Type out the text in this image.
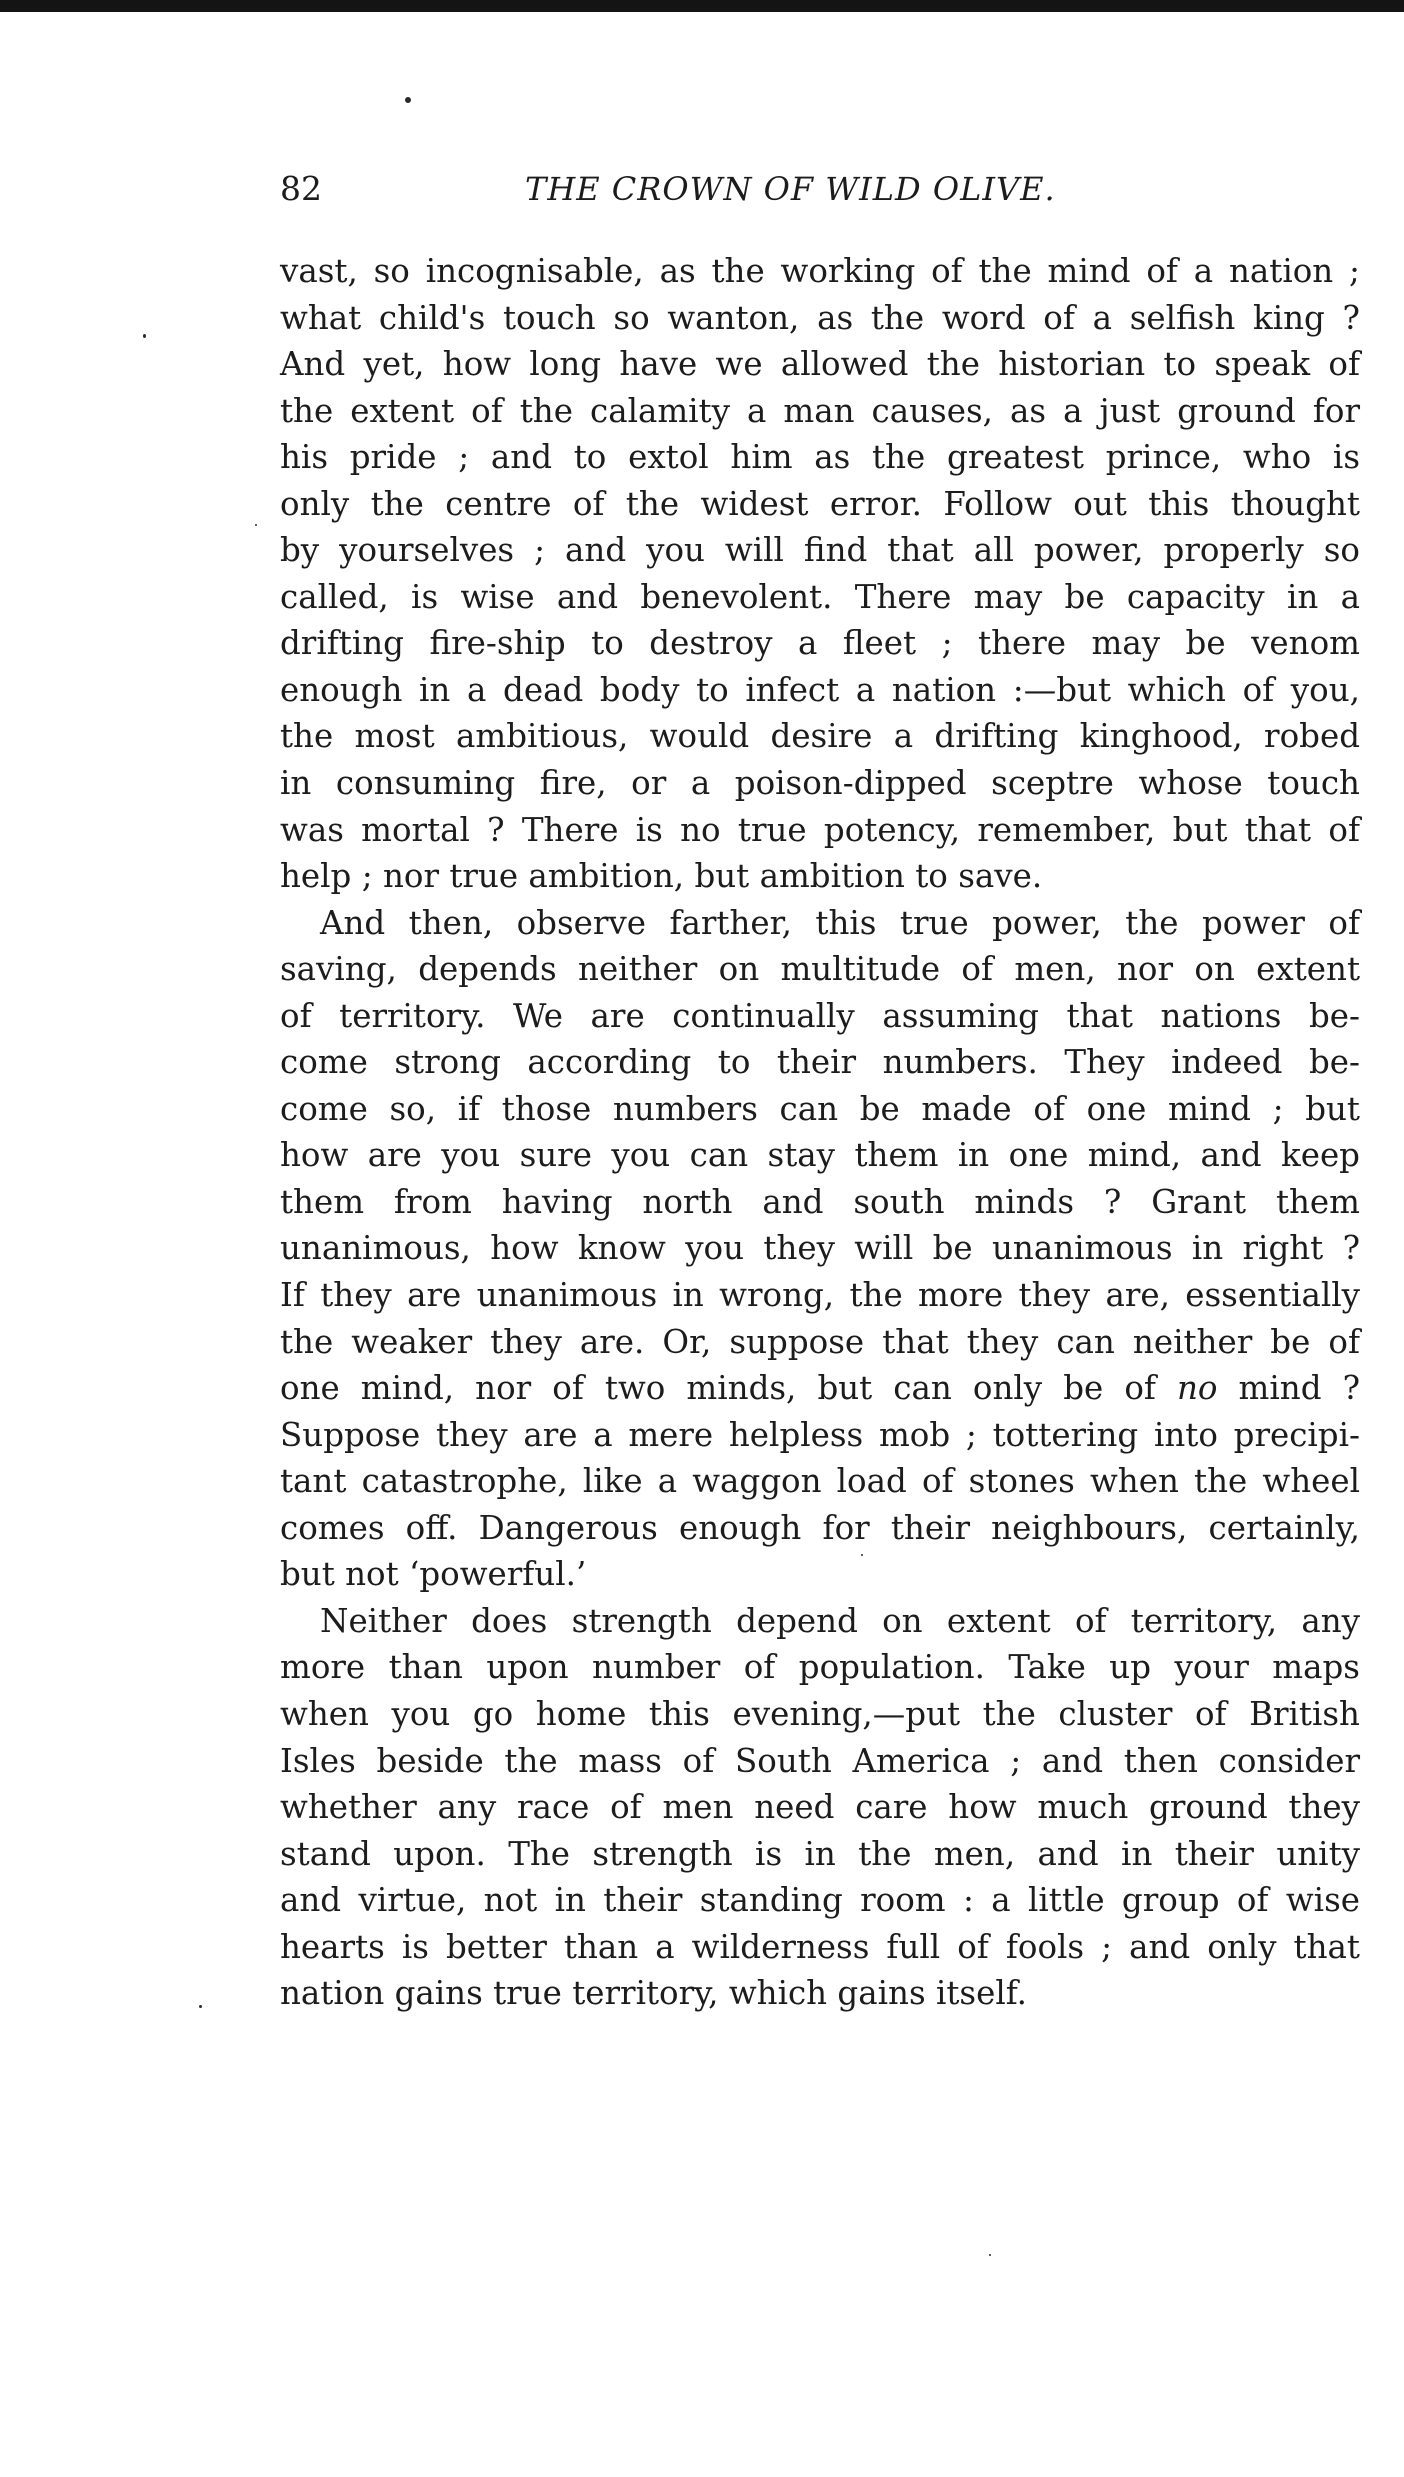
82	THE CROWN OF WILD OLIVE.
vast, so incognisable, as the working of the mind of a nation ;
what child's touch so wanton, as the word of a selfish king ?
And yet, how long have we allowed the historian to speak of
the extent of the calamity a man causes, as a just ground for
his pride ; and to extol him as the greatest prince, who is
only the centre of the widest error. Follow out this thought
by yourselves ; and you will find that all power, properly so
called, is wise and benevolent. There may be capacity in a
drifting fire-ship to destroy a fleet ; there may be venom
enough in a dead body to infect a nation :—but which of you,
the most ambitious, would desire a drifting kinghood, robed
in consuming fire, or a poison-dipped sceptre whose touch
was mortal ? There is no true potency, remember, but that of
help ; nor true ambition, but ambition to save.
And then, observe farther, this true power, the power of
saving, depends neither on multitude of men, nor on extent
of territory. We are continually assuming that nations be-
come strong according to their numbers. They indeed be-
come so, if those numbers can be made of one mind ; but
how are you sure you can stay them in one mind, and keep
them from having north and south minds ? Grant them
unanimous, how know you they will be unanimous in right ?
If they are unanimous in wrong, the more they are, essentially
the weaker they are. Or, suppose that they can neither be of
one mind, nor of two minds, but can only be of no mind ?
Suppose they are a mere helpless mob ; tottering into precipi-
tant catastrophe, like a waggon load of stones when the wheel
comes off. Dangerous enough for their neighbours, certainly,
but not ‘powerful.’
Neither does strength depend on extent of territory, any
more than upon number of population. Take up your maps
when you go home this evening,—put the cluster of British
Isles beside the mass of South America ; and then consider
whether any race of men need care how much ground they
stand upon. The strength is in the men, and in their unity
and virtue, not in their standing room : a little group of wise
hearts is better than a wilderness full of fools ; and only that
nation gains true territory, which gains itself.
